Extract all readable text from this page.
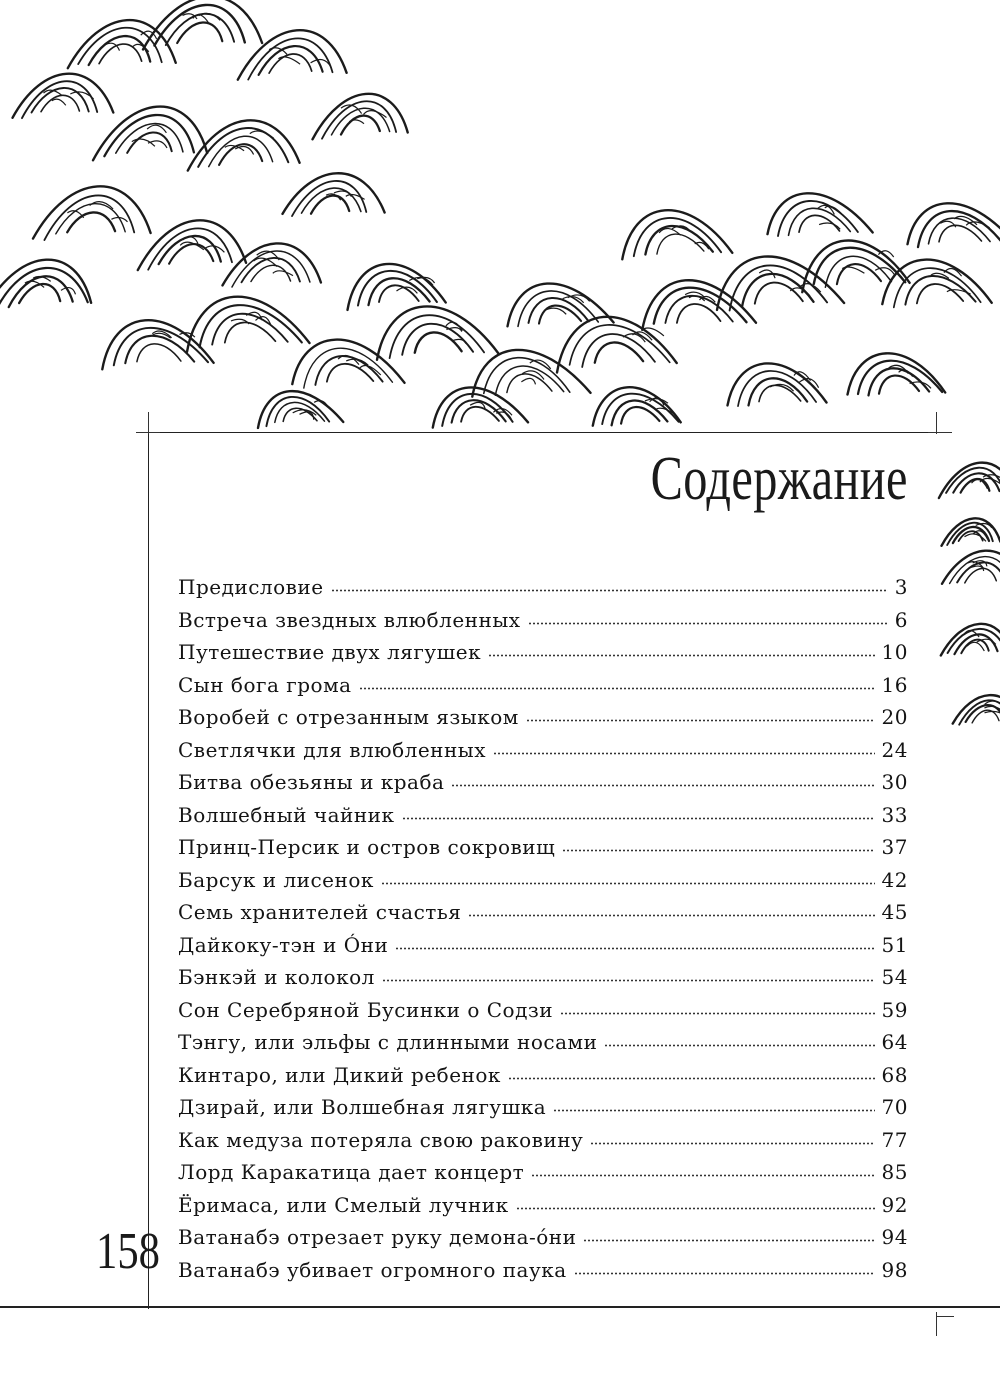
Содержание
Предисловие	3
Встреча звездных влюбленных	6
Путешествие двух лягушек	10
Сын бога грома	16
Воробей с отрезанным языком	20
Светлячки для влюбленных	24
Битва обезьяны и краба	30
Волшебный чайник	33
Принц-Персик и остров сокровищ	37
Барсук и лисенок	42
Семь хранителей счастья	45
Дайкоку-тэн и Óни	51
Бэнкэй и колокол	54
Сон Серебряной Бусинки о Содзи	59
Тэнгу, или эльфы с длинными носами	64
Кинтаро, или Дикий ребенок	68
Дзирай, или Волшебная лягушка	70
Как медуза потеряла свою раковину	77
Лорд Каракатица дает концерт	85
Ёримаса, или Смелый лучник	92
Ватанабэ отрезает руку демона-óни	94
Ватанабэ убивает огромного паука	98
158
